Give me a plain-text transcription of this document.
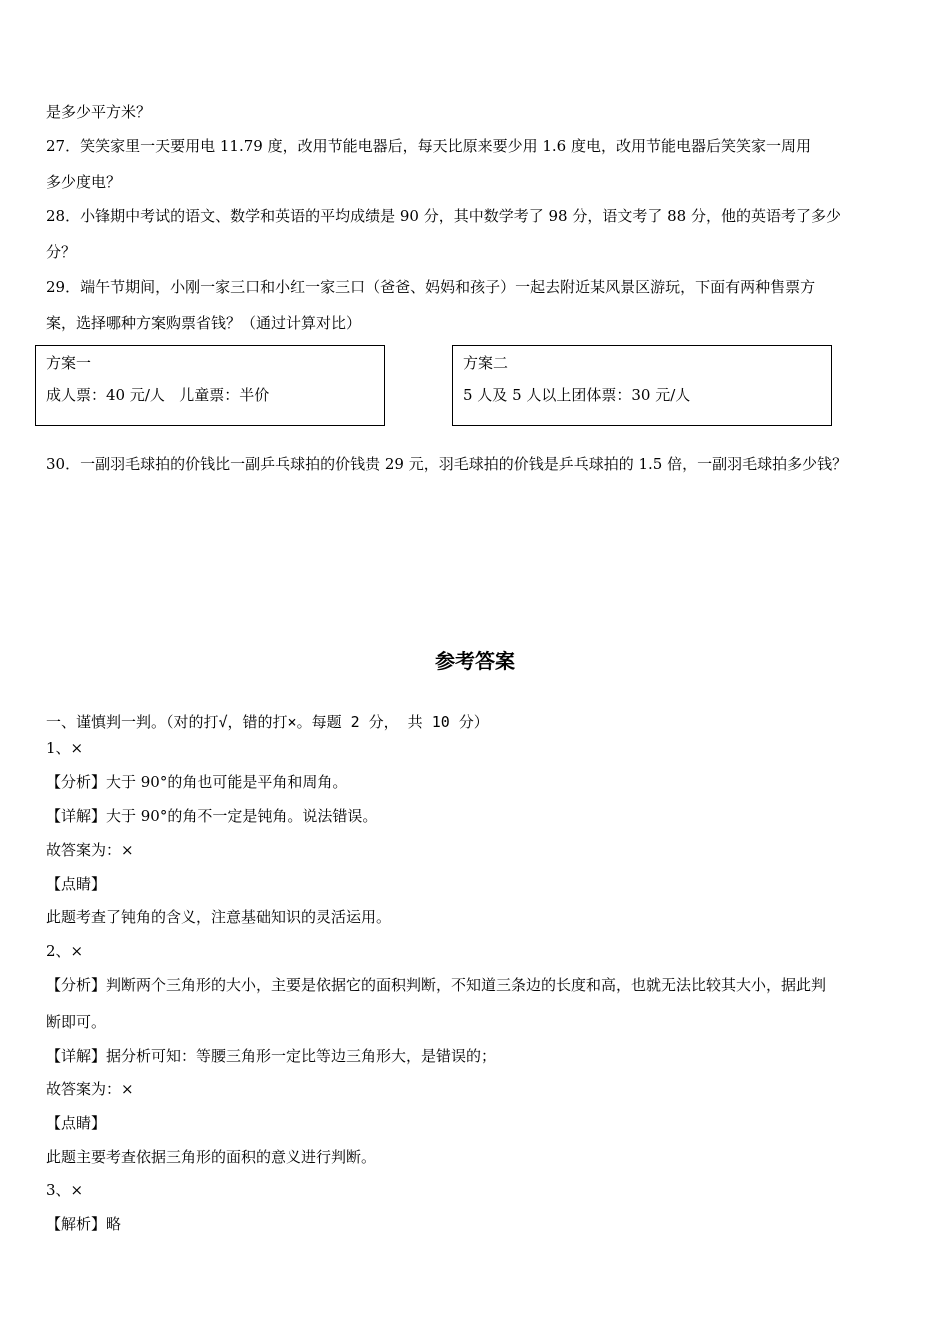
是多少平方米？
27．笑笑家里一天要用电 11.79 度，改用节能电器后，每天比原来要少用 1.6 度电，改用节能电器后笑笑家一周用
多少度电？
28．小锋期中考试的语文、数学和英语的平均成绩是 90 分，其中数学考了 98 分，语文考了 88 分，他的英语考了多少
分？
29．端午节期间，小刚一家三口和小红一家三口（爸爸、妈妈和孩子）一起去附近某风景区游玩，下面有两种售票方
案，选择哪种方案购票省钱？（通过计算对比）
方案一
成人票：40 元/人   儿童票：半价
方案二
5 人及 5 人以上团体票：30 元/人
30．一副羽毛球拍的价钱比一副乒乓球拍的价钱贵 29 元，羽毛球拍的价钱是乒乓球拍的 1.5 倍，一副羽毛球拍多少钱？
参考答案
一、谨慎判一判。（对的打√，错的打×。每题 2 分， 共 10 分）
1、×
【分析】大于 90°的角也可能是平角和周角。
【详解】大于 90°的角不一定是钝角。说法错误。
故答案为：×
【点睛】
此题考查了钝角的含义，注意基础知识的灵活运用。
2、×
【分析】判断两个三角形的大小，主要是依据它的面积判断，不知道三条边的长度和高，也就无法比较其大小，据此判
断即可。
【详解】据分析可知：等腰三角形一定比等边三角形大，是错误的；
故答案为：×
【点睛】
此题主要考查依据三角形的面积的意义进行判断。
3、×
【解析】略
